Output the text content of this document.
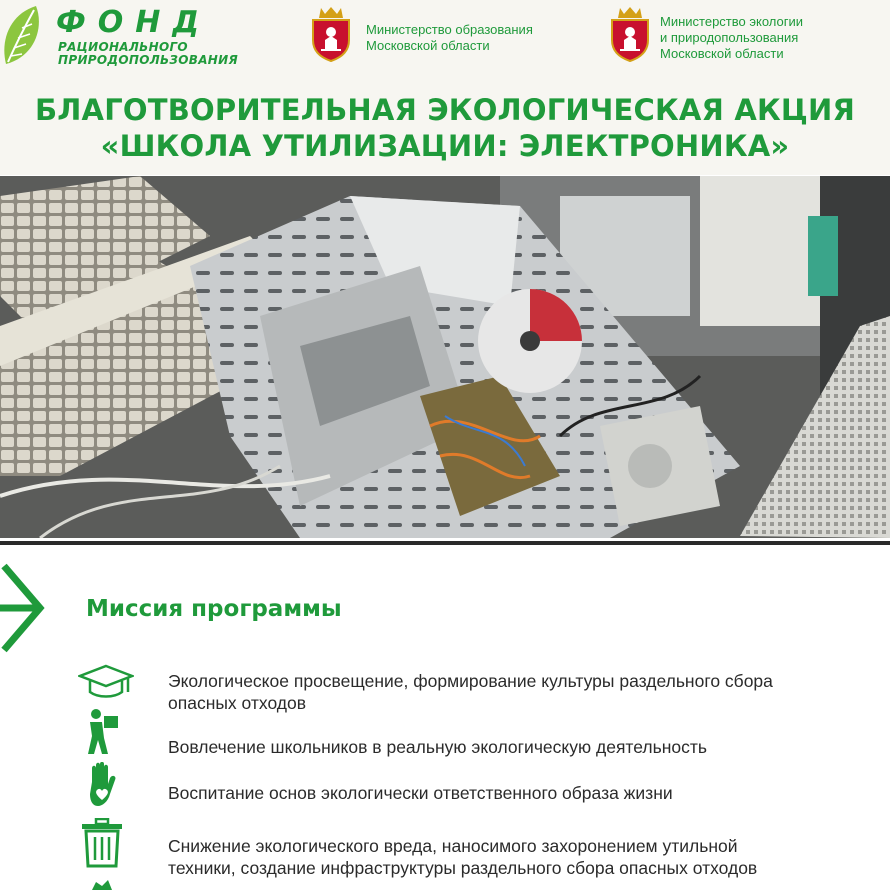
ФОНД
РАЦИОНАЛЬНОГО
ПРИРОДОПОЛЬЗОВАНИЯ
Министерство образования
Московской области
Министерство экологии
и природопользования
Московской области
БЛАГОТВОРИТЕЛЬНАЯ ЭКОЛОГИЧЕСКАЯ АКЦИЯ
«ШКОЛА УТИЛИЗАЦИИ: ЭЛЕКТРОНИКА»
Миссия программы
Экологическое просвещение, формирование культуры раздельного сбора
опасных отходов
Вовлечение школьников в реальную экологическую деятельность
Воспитание основ экологически ответственного образа жизни
Снижение экологического вреда, наносимого захоронением утильной
техники, создание инфраструктуры раздельного сбора опасных отходов
